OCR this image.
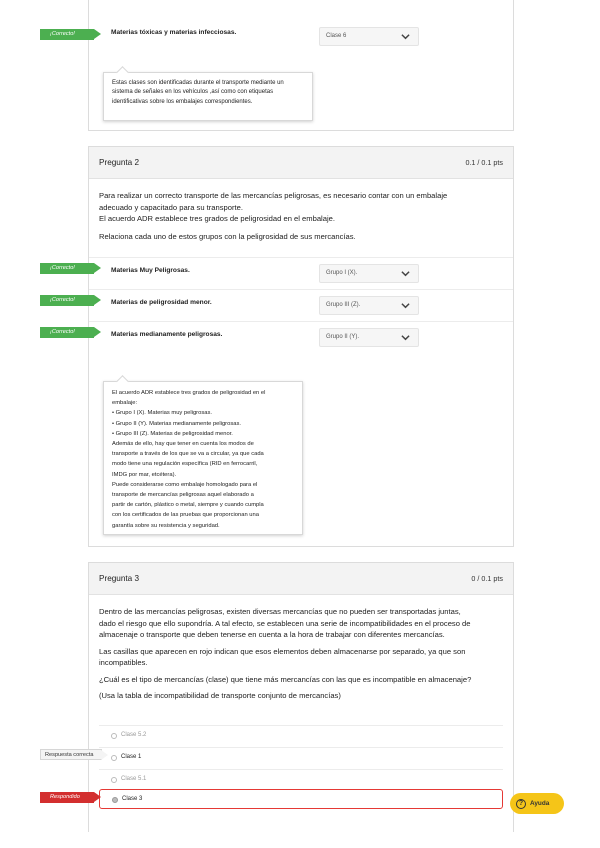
Materias tóxicas y materias infecciosas.	Clase 6
Estas clases son identificadas durante el transporte mediante un sistema de señales en los vehículos ,así como con etiquetas identificativas sobre los embalajes correspondientes.
¡Correcto!
Pregunta 2	0.1 / 0.1 pts

Para realizar un correcto transporte de las mercancías peligrosas, es necesario contar con un embalaje

adecuado y capacitado para su transporte.

El acuerdo ADR establece tres grados de peligrosidad en el embalaje.

Relaciona cada uno de estos grupos con la peligrosidad de sus mercancías.

Materias Muy Peligrosas.	Grupo I (X).
Materias de peligrosidad menor.	Grupo III (Z).
Materias medianamente peligrosas.	Grupo II (Y).
El acuerdo ADR establece tres grados de peligrosidad en el
embalaje:
• Grupo I (X). Materias muy peligrosas.
• Grupo II (Y). Materias medianamente peligrosas.
• Grupo III (Z). Materias de peligrosidad menor.
Además de ello, hay que tener en cuenta los modos de
transporte a través de los que se va a circular, ya que cada
modo tiene una regulación específica (RID en ferrocarril,
IMDG por mar, etcétera).
Puede considerarse como embalaje homologado para el
transporte de mercancías peligrosas aquel elaborado a
partir de cartón, plástico o metal, siempre y cuando cumpla
con los certificados de las pruebas que proporcionan una
garantía sobre su resistencia y seguridad.
¡Correcto!
¡Correcto!
¡Correcto!
Pregunta 3	0 / 0.1 pts

Dentro de las mercancías peligrosas, existen diversas mercancías que no pueden ser transportadas juntas,

dado el riesgo que ello supondría. A tal efecto, se establecen una serie de incompatibilidades en el proceso de

almacenaje o transporte que deben tenerse en cuenta a la hora de trabajar con diferentes mercancías.

Las casillas que aparecen en rojo indican que esos elementos deben almacenarse por separado, ya que son

incompatibles.

¿Cuál es el tipo de mercancías (clase) que tiene más mercancías con las que es incompatible en almacenaje?

(Usa la tabla de incompatibilidad de transporte conjunto de mercancías)

Clase 5.2
Clase 1
Clase 5.1
Clase 3
Respuesta correcta
Respondido
?	Ayuda
